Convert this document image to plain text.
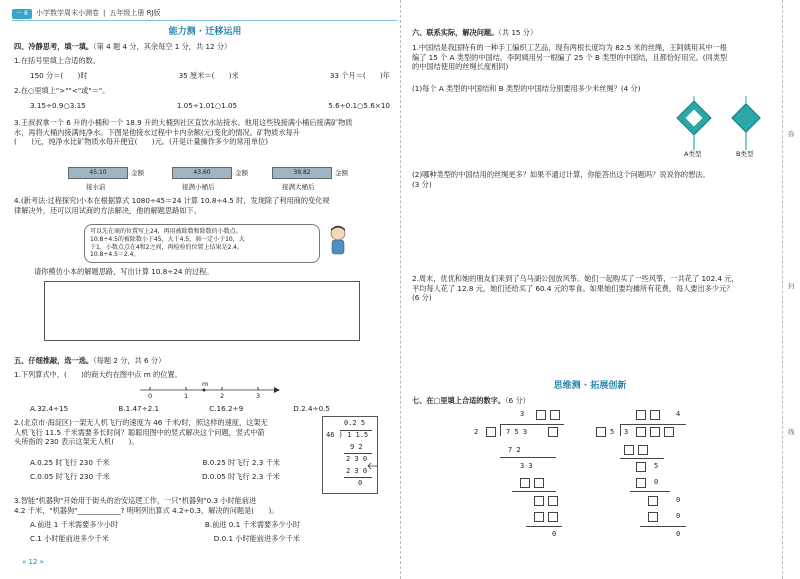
一 8	小学数学周末小测卷 | 五年级上册 RJ版
能力测 · 迁移运用
四、冷静思考，填一填。（第 4 题 4 分，其余每空 1 分，共 12 分）
1.在括号里填上合适的数。
150 分＝(　　)时	35 厘米＝(　　)米	33 个月＝(　　)年
2.在○里填上">""<"或"＝"。
3.15÷0.9○3.15	1.05÷1.01○1.05	5.6÷0.1○5.6×10
3.王叔叔拿一个 6 升的小桶和一个 18.9 升的大桶到社区直饮水站接水。他用这些钱接满小桶后接满矿物质
水，再将大桶内接满纯净水。下图是他接水过程中卡内余额(元)变化的情况。矿物质水每升
(　　)元，纯净水比矿物质水每升便宜(　　)元。(开是计量操作多少的常用单位)
45.10	金额
接水前
43.60	金额
接满小桶后
39.82	金额
接满大桶后
4.(新考法·过程探究)小本在根据算式 1080÷45＝24 计算 10.8÷4.5 时，发现除了利用商的变化规
律解决外，还可以用试商的方法解决，他的解题思路如下。
可以先在商的位置写上24，再用被除数和除数的小数点。
10.8÷4.5的被除数小于45，大于4.5，商一定小于10，大
于1，小数点点在4和2之间，再检验的位置上结果是2.4。
10.8÷4.5＝2.4。
请你模仿小本的解题思路，写出计算 10.8÷24 的过程。
五、仔细推敲，选一选。（每题 2 分，共 6 分）
1.下列算式中，(　　)的商大约在图中点 m 的位置。
m
0	1	2	3
A.32.4÷15	B.1.47÷2.1	C.16.2÷9	D.2.4÷0.5
2.(北京市·海淀区)一架无人机飞行的速度为 46 千米/时，照这样的速度，这架无
人机飞行 11.5 千米需要多长时间？聪聪用图中的竖式解决这个问题，竖式中箭
头所指的 230 表示这架无人机(　　)。
A.0.25 时飞行 230 千米	B.0.25 时飞行 2.3 千米
C.0.05 时飞行 230 千米	D.0.05 时飞行 2.3 千米
0.2 5
46 ) 1 1.5
9 2
2 3 0
2 3 0
0
3.智能"机器狗"开始用于街头的治安巡逻工作，一只"机器狗"0.3 小时能前进
4.2 千米，"机器狗"____________? 明明列出算式 4.2÷0.3，解决的问题是(　　)。
A.前进 1 千米需要多少小时	B.前进 0.1 千米需要多少小时
C.1 小时能前进多少千米	D.0.1 小时能前进多少千米
« 12 »
六、联系实际，解决问题。（共 15 分）
1.中国结是我国特有的一种手工编织工艺品，现有两根长度均为 82.5 米的丝绳，王阿姨用其中一根
编了 15 个 A 类型的中国结，李阿姨用另一根编了 25 个 B 类型的中国结，且都恰好用完。(同类型
的中国结使用的丝绳长度相同)
(1)每个 A 类型的中国结和 B 类型的中国结分别要用多少米丝绳？(4 分)
A类型	B类型
(2)哪种类型的中国结用的丝绳更多？如果不通过计算，你能答出这个问题吗？说说你的想法。
(3 分)
2.周末，优优和她的朋友们来到了乌马湖公园放风筝。她们一起购买了一些风筝，一共花了 102.4 元，
平均每人花了 12.8 元，她们还给买了 60.4 元的零食。如果她们要均摊所有花费，每人要出多少元？
(6 分)
思维测 · 拓展创新
七、在□里填上合适的数字。（6 分）
3
2	7 5 3
7 2
3 3
0
4
5 3
5
0
0
0
0
弥
封
线
